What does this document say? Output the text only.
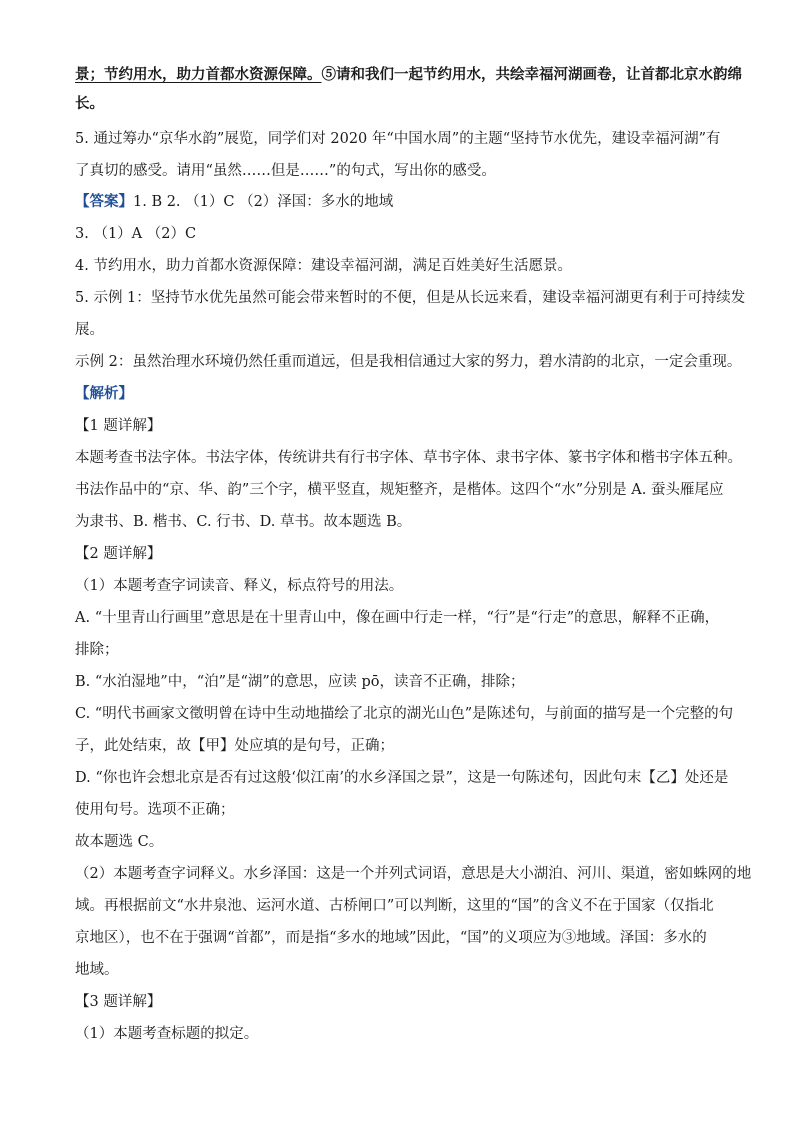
景；节约用水，助力首都水资源保障。⑤请和我们一起节约用水，共绘幸福河湖画卷，让首都北京水韵绵
长。
5. 通过筹办“京华水韵”展览，同学们对 2020 年“中国水周”的主题“坚持节水优先，建设幸福河湖”有
了真切的感受。请用“虽然……但是……”的句式，写出你的感受。
【答案】1. B 2. （1）C （2）泽国：多水的地域
3. （1）A （2）C
4. 节约用水，助力首都水资源保障：建设幸福河湖，满足百姓美好生活愿景。
5. 示例 1：坚持节水优先虽然可能会带来暂时的不便，但是从长远来看，建设幸福河湖更有利于可持续发
展。
示例 2：虽然治理水环境仍然任重而道远，但是我相信通过大家的努力，碧水清韵的北京，一定会重现。
【解析】
【1 题详解】
本题考查书法字体。书法字体，传统讲共有行书字体、草书字体、隶书字体、篆书字体和楷书字体五种。
书法作品中的“京、华、韵”三个字，横平竖直，规矩整齐，是楷体。这四个“水”分别是 A. 蚕头雁尾应
为隶书、B. 楷书、C. 行书、D. 草书。故本题选 B。
【2 题详解】
（1）本题考查字词读音、释义，标点符号的用法。
A. “十里青山行画里”意思是在十里青山中，像在画中行走一样，“行”是“行走”的意思，解释不正确，
排除；
B. “水泊湿地”中，“泊”是“湖”的意思，应读 pō，读音不正确，排除；
C. “明代书画家文徵明曾在诗中生动地描绘了北京的湖光山色”是陈述句，与前面的描写是一个完整的句
子，此处结束，故【甲】处应填的是句号，正确；
D. “你也许会想北京是否有过这般‘似江南’的水乡泽国之景”，这是一句陈述句，因此句末【乙】处还是
使用句号。选项不正确；
故本题选 C。
（2）本题考查字词释义。水乡泽国：这是一个并列式词语，意思是大小湖泊、河川、渠道，密如蛛网的地
域。再根据前文“水井泉池、运河水道、古桥闸口”可以判断，这里的“国”的含义不在于国家（仅指北
京地区），也不在于强调“首都”，而是指“多水的地域”因此，“国”的义项应为③地域。泽国：多水的
地域。
【3 题详解】
（1）本题考查标题的拟定。
